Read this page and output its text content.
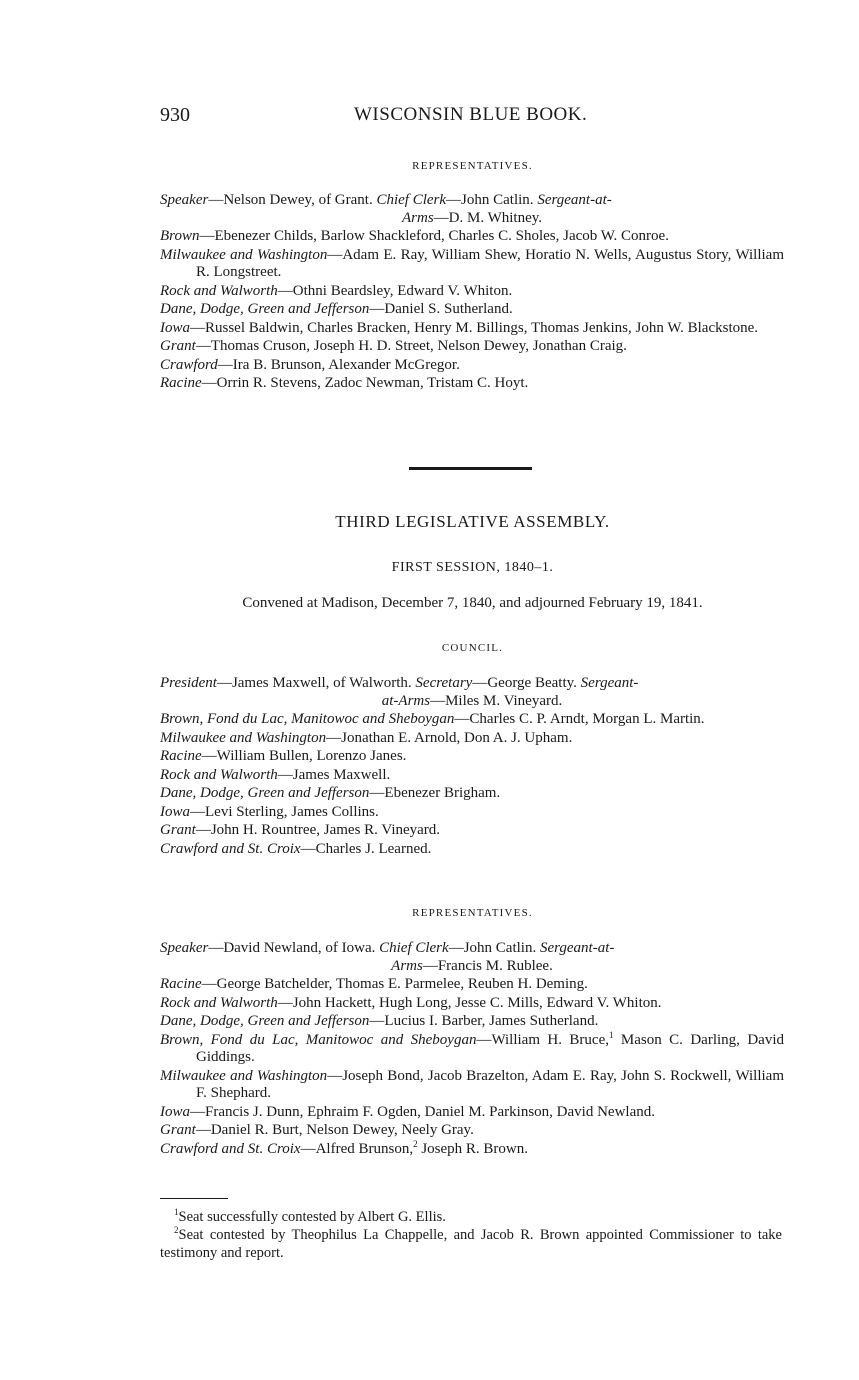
930	WISCONSIN BLUE BOOK.
REPRESENTATIVES.

Speaker—Nelson Dewey, of Grant. Chief Clerk—John Catlin. Sergeant-at-
Arms—D. M. Whitney.

Brown—Ebenezer Childs, Barlow Shackleford, Charles C. Sholes, Jacob W. Conroe.

Milwaukee and Washington—Adam E. Ray, William Shew, Horatio N. Wells, Augustus Story, William R. Longstreet.

Rock and Walworth—Othni Beardsley, Edward V. Whiton.

Dane, Dodge, Green and Jefferson—Daniel S. Sutherland.

Iowa—Russel Baldwin, Charles Bracken, Henry M. Billings, Thomas Jenkins, John W. Blackstone.

Grant—Thomas Cruson, Joseph H. D. Street, Nelson Dewey, Jonathan Craig.

Crawford—Ira B. Brunson, Alexander McGregor.

Racine—Orrin R. Stevens, Zadoc Newman, Tristam C. Hoyt.

THIRD LEGISLATIVE ASSEMBLY.
FIRST SESSION, 1840–1.
Convened at Madison, December 7, 1840, and adjourned February 19, 1841.
COUNCIL.

President—James Maxwell, of Walworth. Secretary—George Beatty. Sergeant-
at-Arms—Miles M. Vineyard.

Brown, Fond du Lac, Manitowoc and Sheboygan—Charles C. P. Arndt, Morgan L. Martin.

Milwaukee and Washington—Jonathan E. Arnold, Don A. J. Upham.

Racine—William Bullen, Lorenzo Janes.

Rock and Walworth—James Maxwell.

Dane, Dodge, Green and Jefferson—Ebenezer Brigham.

Iowa—Levi Sterling, James Collins.

Grant—John H. Rountree, James R. Vineyard.

Crawford and St. Croix—Charles J. Learned.

REPRESENTATIVES.

Speaker—David Newland, of Iowa. Chief Clerk—John Catlin. Sergeant-at-
Arms—Francis M. Rublee.

Racine—George Batchelder, Thomas E. Parmelee, Reuben H. Deming.

Rock and Walworth—John Hackett, Hugh Long, Jesse C. Mills, Edward V. Whiton.

Dane, Dodge, Green and Jefferson—Lucius I. Barber, James Sutherland.

Brown, Fond du Lac, Manitowoc and Sheboygan—William H. Bruce,$^1$ Mason C. Darling, David Giddings.

Milwaukee and Washington—Joseph Bond, Jacob Brazelton, Adam E. Ray, John S. Rockwell, William F. Shephard.

Iowa—Francis J. Dunn, Ephraim F. Ogden, Daniel M. Parkinson, David Newland.

Grant—Daniel R. Burt, Nelson Dewey, Neely Gray.

Crawford and St. Croix—Alfred Brunson,$^2$ Joseph R. Brown.

$^1$Seat successfully contested by Albert G. Ellis.

$^2$Seat contested by Theophilus La Chappelle, and Jacob R. Brown appointed Commissioner to take testimony and report.
